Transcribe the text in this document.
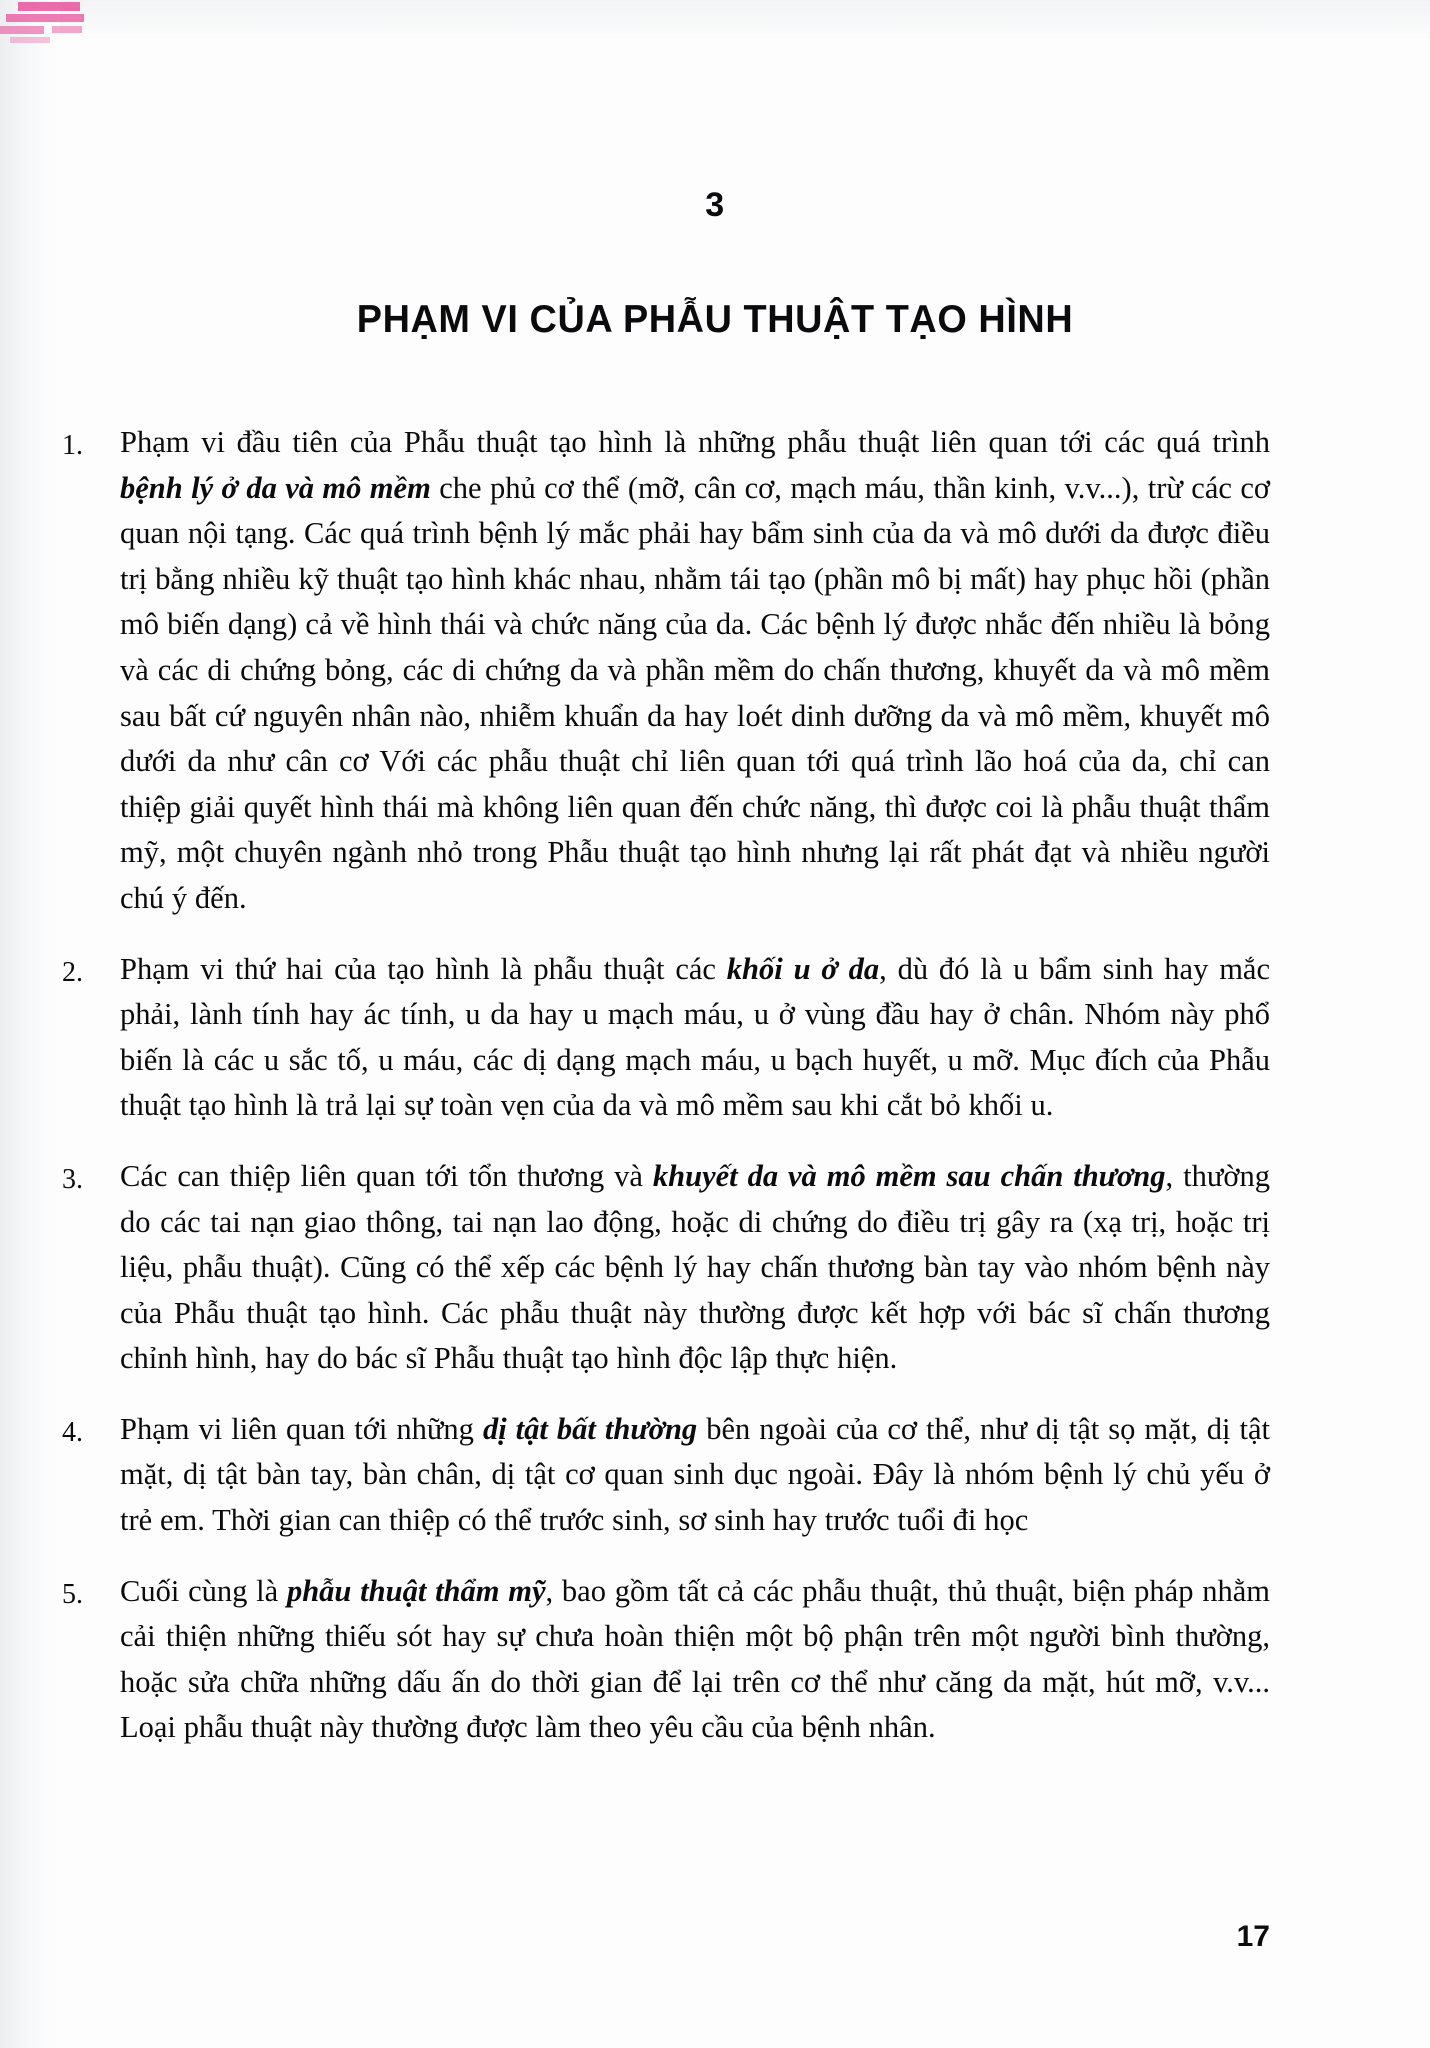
3
PHẠM VI CỦA PHẪU THUẬT TẠO HÌNH
1.	Phạm vi đầu tiên của Phẫu thuật tạo hình là những phẫu thuật liên quan tới các quá trình bệnh lý ở da và mô mềm che phủ cơ thể (mỡ, cân cơ, mạch máu, thần kinh, v.v...), trừ các cơ quan nội tạng. Các quá trình bệnh lý mắc phải hay bẩm sinh của da và mô dưới da được điều trị bằng nhiều kỹ thuật tạo hình khác nhau, nhằm tái tạo (phần mô bị mất) hay phục hồi (phần mô biến dạng) cả về hình thái và chức năng của da. Các bệnh lý được nhắc đến nhiều là bỏng và các di chứng bỏng, các di chứng da và phần mềm do chấn thương, khuyết da và mô mềm sau bất cứ nguyên nhân nào, nhiễm khuẩn da hay loét dinh dưỡng da và mô mềm, khuyết mô dưới da như cân cơ Với các phẫu thuật chỉ liên quan tới quá trình lão hoá của da, chỉ can thiệp giải quyết hình thái mà không liên quan đến chức năng, thì được coi là phẫu thuật thẩm mỹ, một chuyên ngành nhỏ trong Phẫu thuật tạo hình nhưng lại rất phát đạt và nhiều người chú ý đến.
2.	Phạm vi thứ hai của tạo hình là phẫu thuật các khối u ở da, dù đó là u bẩm sinh hay mắc phải, lành tính hay ác tính, u da hay u mạch máu, u ở vùng đầu hay ở chân. Nhóm này phổ biến là các u sắc tố, u máu, các dị dạng mạch máu, u bạch huyết, u mỡ. Mục đích của Phẫu thuật tạo hình là trả lại sự toàn vẹn của da và mô mềm sau khi cắt bỏ khối u.
3.	Các can thiệp liên quan tới tổn thương và khuyết da và mô mềm sau chấn thương, thường do các tai nạn giao thông, tai nạn lao động, hoặc di chứng do điều trị gây ra (xạ trị, hoặc trị liệu, phẫu thuật). Cũng có thể xếp các bệnh lý hay chấn thương bàn tay vào nhóm bệnh này của Phẫu thuật tạo hình. Các phẫu thuật này thường được kết hợp với bác sĩ chấn thương chỉnh hình, hay do bác sĩ Phẫu thuật tạo hình độc lập thực hiện.
4.	Phạm vi liên quan tới những dị tật bất thường bên ngoài của cơ thể, như dị tật sọ mặt, dị tật mặt, dị tật bàn tay, bàn chân, dị tật cơ quan sinh dục ngoài. Đây là nhóm bệnh lý chủ yếu ở trẻ em. Thời gian can thiệp có thể trước sinh, sơ sinh hay trước tuổi đi học
5.	Cuối cùng là phẫu thuật thẩm mỹ, bao gồm tất cả các phẫu thuật, thủ thuật, biện pháp nhằm cải thiện những thiếu sót hay sự chưa hoàn thiện một bộ phận trên một người bình thường, hoặc sửa chữa những dấu ấn do thời gian để lại trên cơ thể như căng da mặt, hút mỡ, v.v... Loại phẫu thuật này thường được làm theo yêu cầu của bệnh nhân.
17
